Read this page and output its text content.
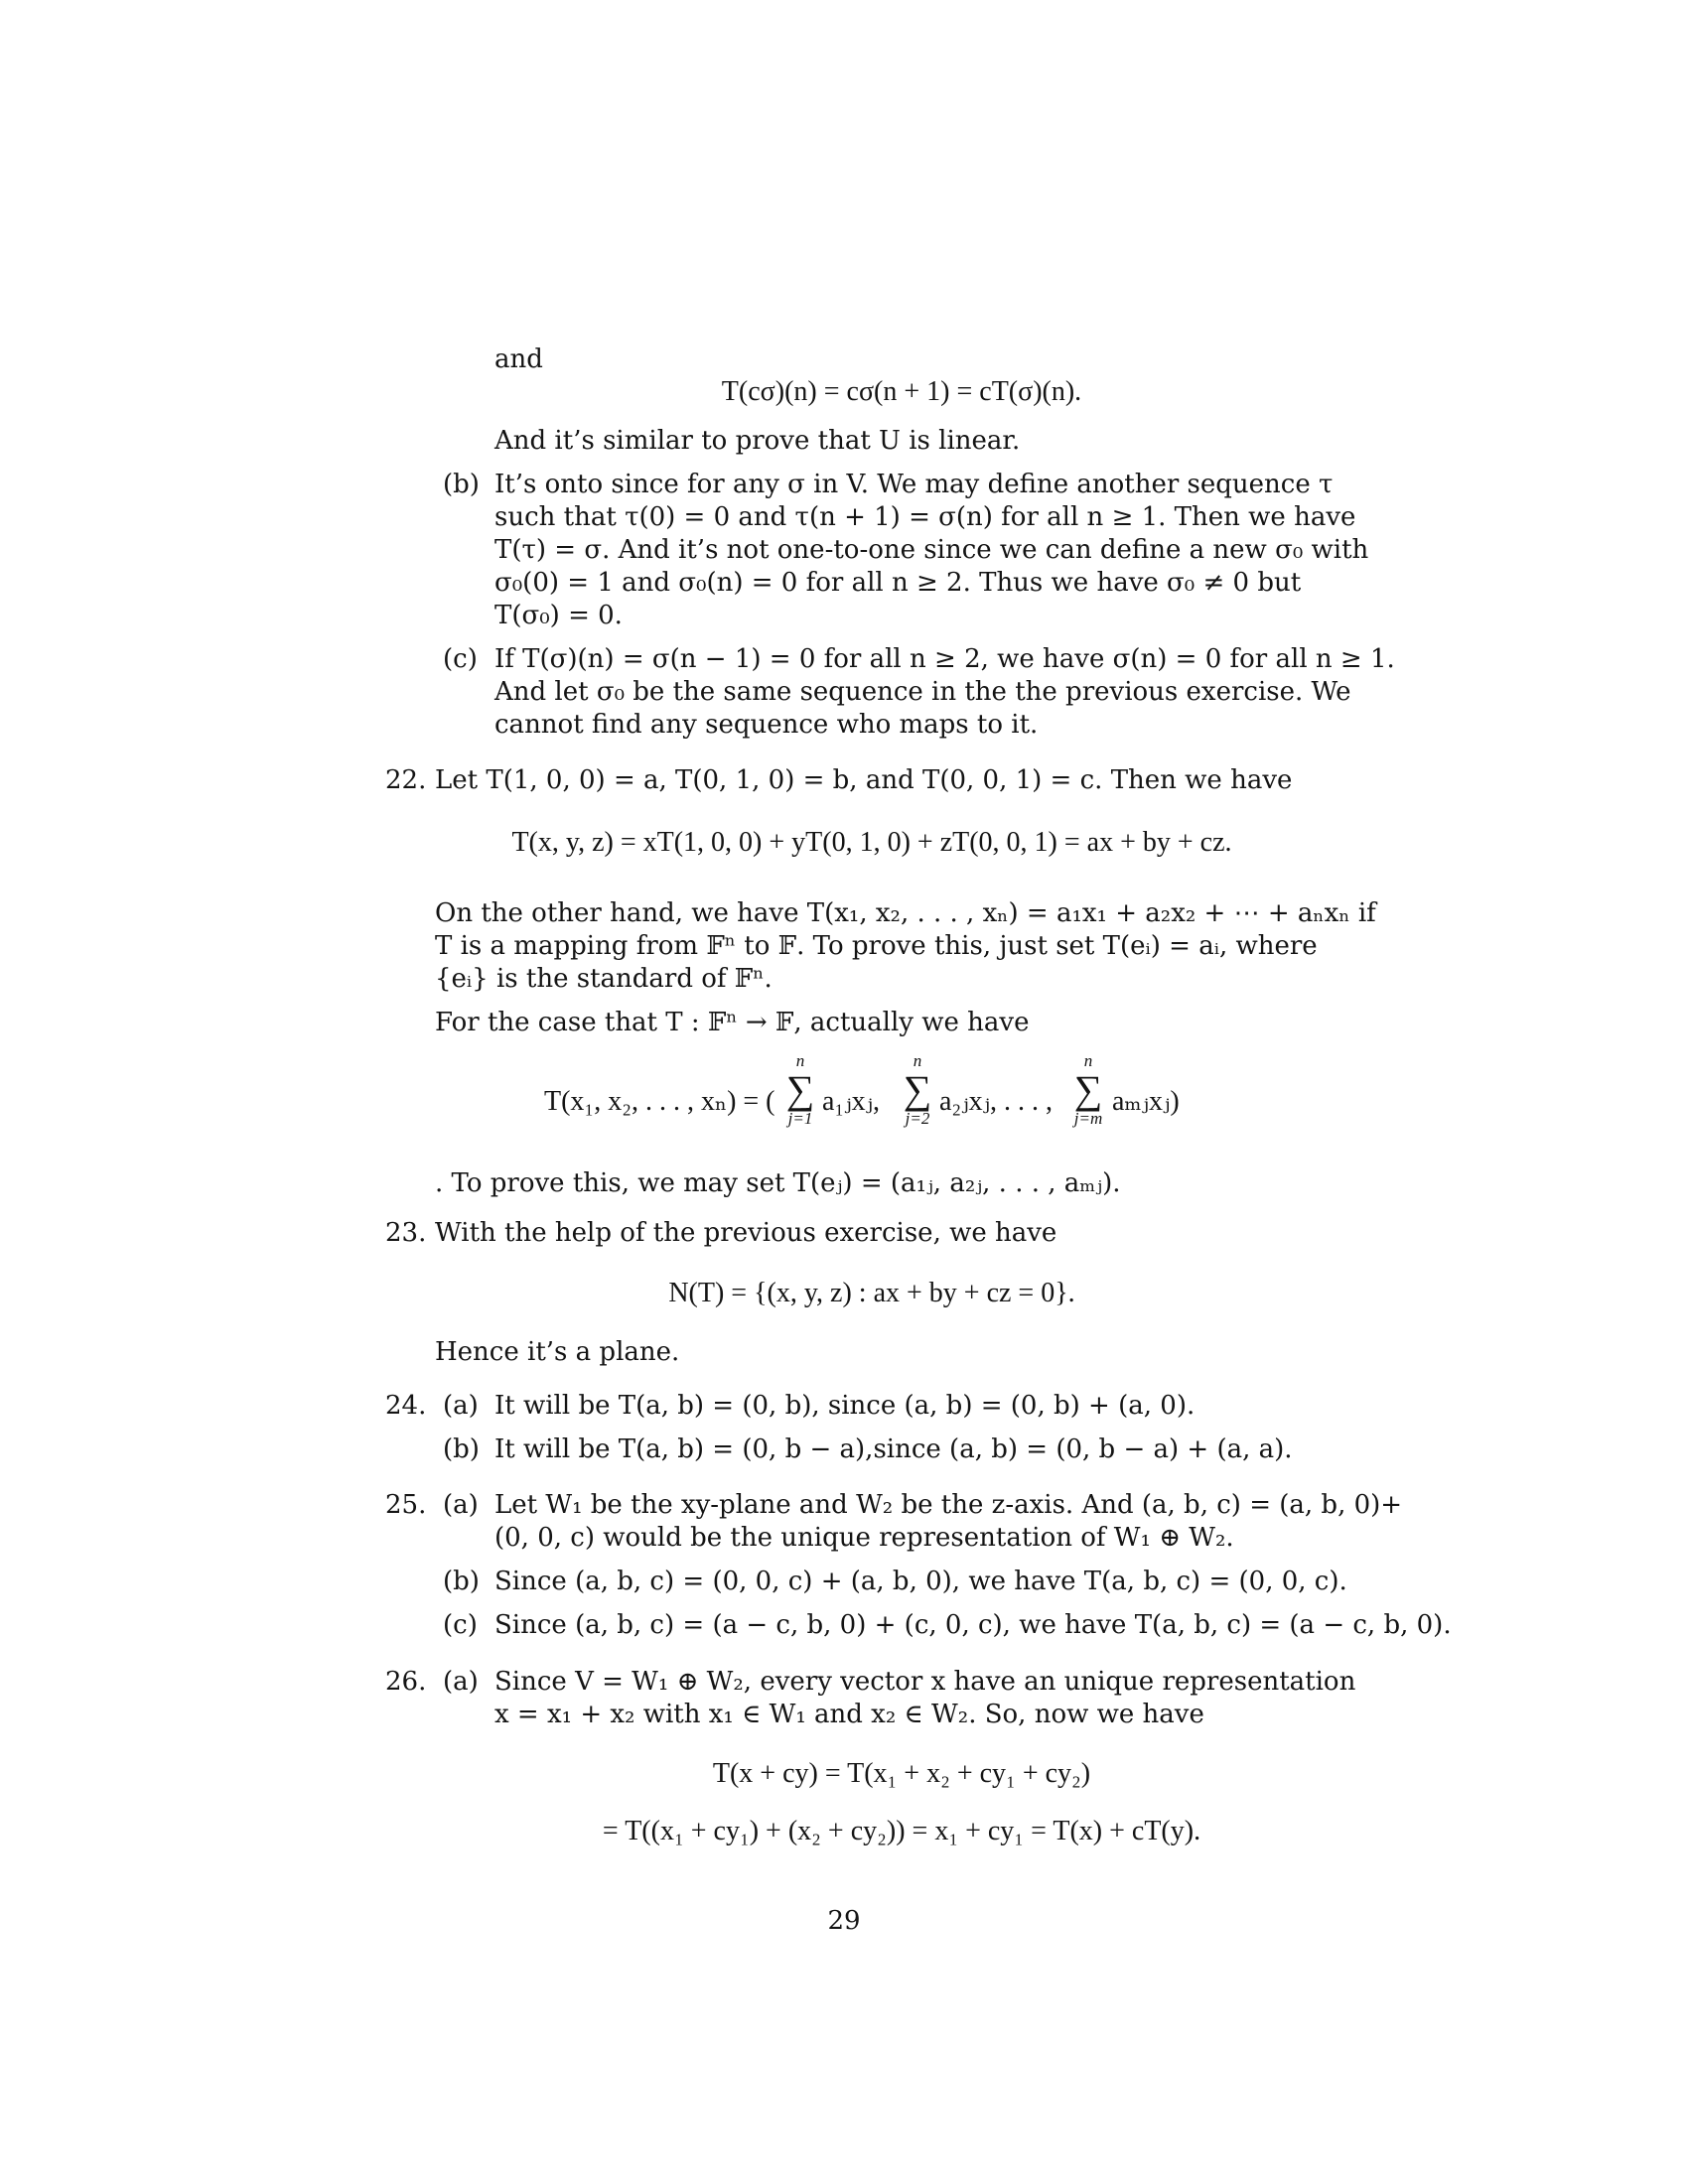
and
T(cσ)(n) = cσ(n + 1) = cT(σ)(n).
And it’s similar to prove that U is linear.
(b) It’s onto since for any σ in V. We may define another sequence τ
such that τ(0) = 0 and τ(n + 1) = σ(n) for all n ≥ 1. Then we have
T(τ) = σ. And it’s not one-to-one since we can define a new σ₀ with
σ₀(0) = 1 and σ₀(n) = 0 for all n ≥ 2. Thus we have σ₀ ≠ 0 but
T(σ₀) = 0.
(c) If T(σ)(n) = σ(n − 1) = 0 for all n ≥ 2, we have σ(n) = 0 for all n ≥ 1.
And let σ₀ be the same sequence in the the previous exercise. We
cannot find any sequence who maps to it.
22. Let T(1, 0, 0) = a, T(0, 1, 0) = b, and T(0, 0, 1) = c. Then we have
T(x, y, z) = xT(1, 0, 0) + yT(0, 1, 0) + zT(0, 0, 1) = ax + by + cz.
On the other hand, we have T(x₁, x₂, . . . , xₙ) = a₁x₁ + a₂x₂ + ⋯ + aₙxₙ if
T is a mapping from 𝔽ⁿ to 𝔽. To prove this, just set T(eᵢ) = aᵢ, where
{eᵢ} is the standard of 𝔽ⁿ.
For the case that T : 𝔽ⁿ → 𝔽, actually we have
T(x₁, x₂, . . . , xₙ) = (
n
∑
j=1
a₁ⱼxⱼ,
n
∑
j=2
a₂ⱼxⱼ, . . . ,
n
∑
j=m
aₘⱼxⱼ)
. To prove this, we may set T(eⱼ) = (a₁ⱼ, a₂ⱼ, . . . , aₘⱼ).
23. With the help of the previous exercise, we have
N(T) = {(x, y, z) : ax + by + cz = 0}.
Hence it’s a plane.
24. (a) It will be T(a, b) = (0, b), since (a, b) = (0, b) + (a, 0).
(b) It will be T(a, b) = (0, b − a),since (a, b) = (0, b − a) + (a, a).
25. (a) Let W₁ be the xy-plane and W₂ be the z-axis. And (a, b, c) = (a, b, 0)+
(0, 0, c) would be the unique representation of W₁ ⊕ W₂.
(b) Since (a, b, c) = (0, 0, c) + (a, b, 0), we have T(a, b, c) = (0, 0, c).
(c) Since (a, b, c) = (a − c, b, 0) + (c, 0, c), we have T(a, b, c) = (a − c, b, 0).
26. (a) Since V = W₁ ⊕ W₂, every vector x have an unique representation
x = x₁ + x₂ with x₁ ∈ W₁ and x₂ ∈ W₂. So, now we have
T(x + cy) = T(x₁ + x₂ + cy₁ + cy₂)
= T((x₁ + cy₁) + (x₂ + cy₂)) = x₁ + cy₁ = T(x) + cT(y).
29
